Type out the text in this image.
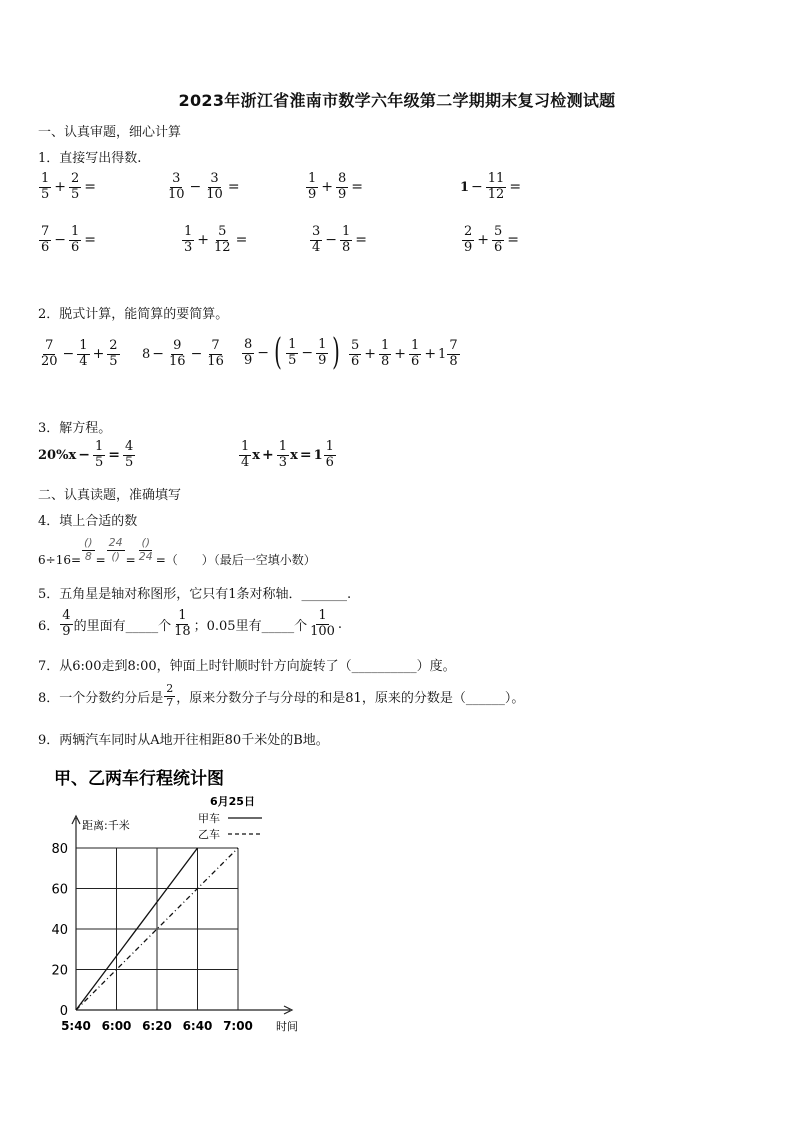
2023年浙江省淮南市数学六年级第二学期期末复习检测试题
一、认真审题，细心计算
1．直接写出得数.
$\frac{1}{5} + \frac{2}{5}$ =	$\frac{3}{10} - \frac{3}{10}$ =	$\frac{1}{9} + \frac{8}{9}$ =	$1 - \frac{11}{12}$ =
$\frac{7}{6} - \frac{1}{6}$ =	$\frac{1}{3} + \frac{5}{12}$ =	$\frac{3}{4} - \frac{1}{8}$ =	$\frac{2}{9} + \frac{5}{6}$ =
2．脱式计算，能简算的要简算。
$\frac{7}{20} - \frac{1}{4} + \frac{2}{5} 8 - \frac{9}{16} - \frac{7}{16} \frac{8}{9}$ − ( $\frac{1}{5} - \frac{1}{9}$ ) $\frac{5}{6} + \frac{1}{8} + \frac{1}{6} + 1 \frac{7}{8}$
3．解方程。
$20\%x - \frac{1}{5} = \frac{4}{5}$	$\frac{1}{4}$ $x + \frac{1}{3}$ $x = 1 \frac{1}{6}$
二、认真读题，准确填写
4．填上合适的数
$6\div 16= \frac{()}{8} = \frac{24}{()} = \frac{()}{24}$ = （　　）（最后一空填小数）
5．五角星是轴对称图形，它只有1条对称轴．_______.
6． $\frac{4}{9}$ 的里面有_____个 $\frac{1}{18}$ ；0.05里有_____个 $\frac{1}{100}$ .
7．从6:00走到8:00，钟面上时针顺时针方向旋转了（__________）度。
8．一个分数约分后是 $\frac{2}{7}$ ，原来分数分子与分母的和是81，原来的分数是（______）。
9．两辆汽车同时从A地开往相距80千米处的B地。
甲、乙两车行程统计图
6月25日
距离:千米
时间
0
20
40
60
80
5:40 6:00 6:20 6:40 7:00
甲车
乙车
